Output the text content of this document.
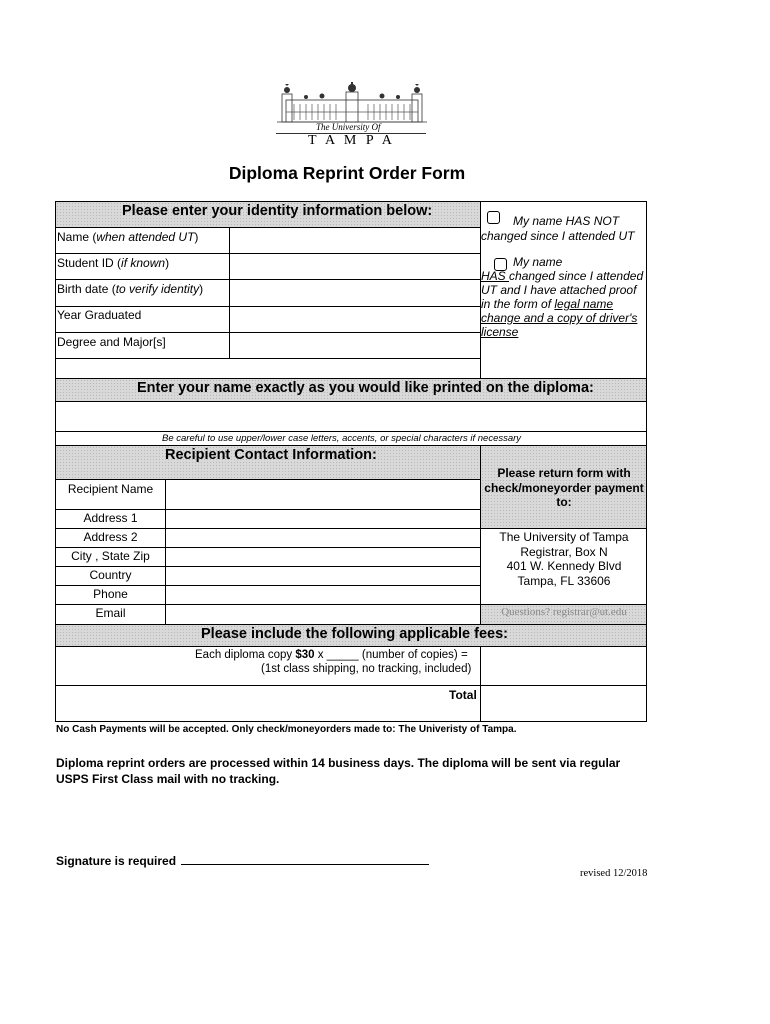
The University Of
T A M P A
Diploma Reprint Order Form
Please enter your identity information below:
Name (when attended UT)
Student ID (if known)
Birth date (to verify identity)
Year Graduated
Degree and Major[s]
My name HAS NOT
changed since I attended UT
My name
HAS changed since I attended
UT and I have attached proof
in the form of legal name
change and a copy of driver's
license
Enter your name exactly as you would like printed on the diploma:
Be careful to use upper/lower case letters, accents, or special characters if necessary
Recipient Contact Information:
Please return form with check/moneyorder payment to:
Recipient Name
Address 1
Address 2
City , State Zip
Country
Phone
Email
The University of Tampa
Registrar, Box N
401 W. Kennedy Blvd
Tampa, FL 33606
Questions? registrar@ut.edu
Please include the following applicable fees:
Each diploma copy $30 x _____ (number of copies) =
(1st class shipping, no tracking, included)
Total
No Cash Payments will be accepted. Only check/moneyorders made to: The Univeristy of Tampa.
Diploma reprint orders are processed within 14 business days. The diploma will be sent via regular
USPS First Class mail with no tracking.
Signature is required
revised 12/2018
